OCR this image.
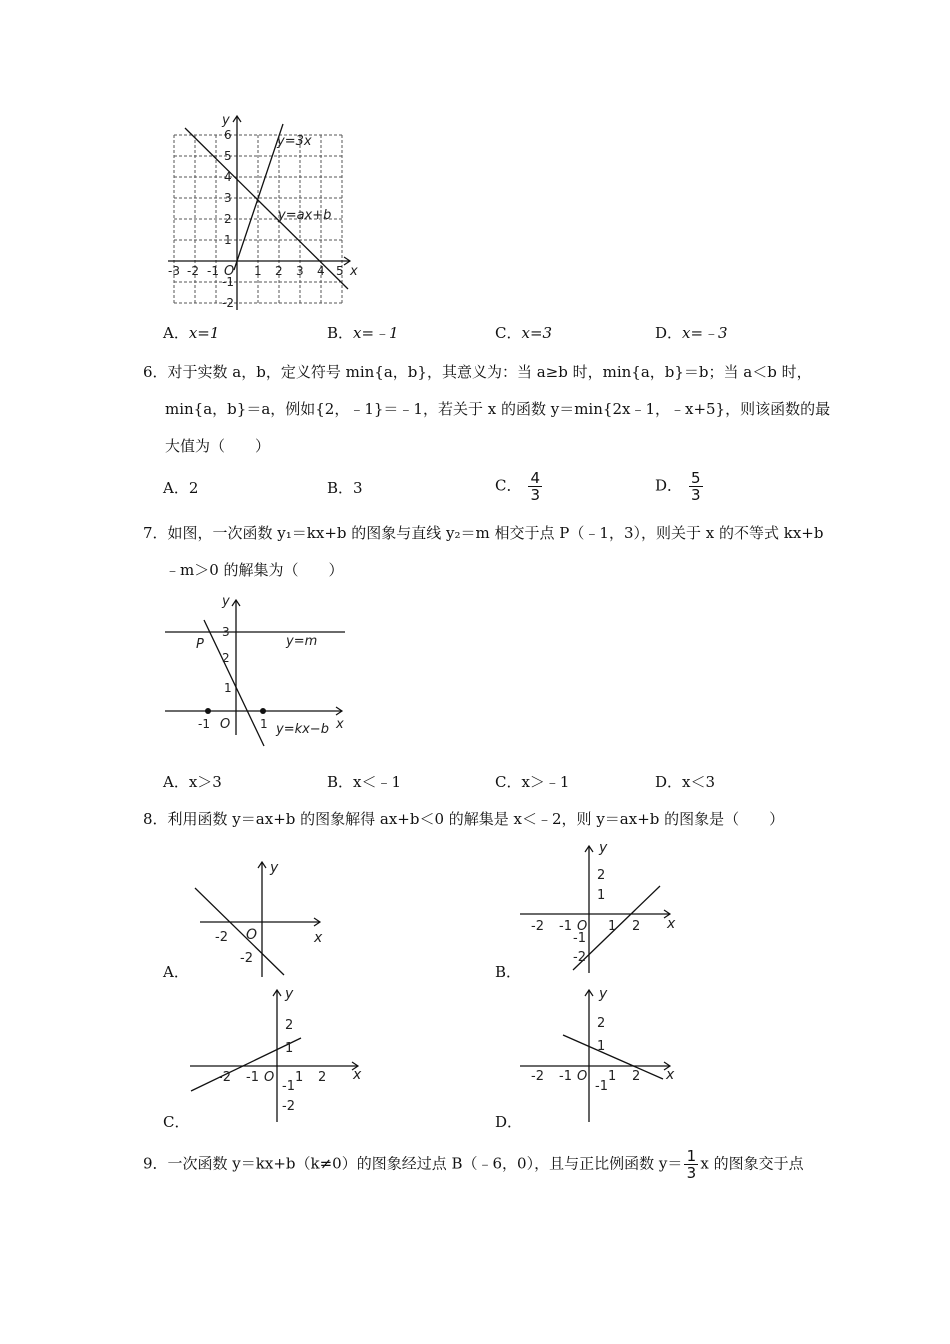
y
x
O
y=3x
y=ax+b
-3 -2 -1	1 2 3 4 5
1
2
3
4
5
6
-1
-2
A．x=1	B．x=﹣1	C．x=3	D．x=﹣3
6．对于实数 a，b，定义符号 min{a，b}，其意义为：当 a≥b 时，min{a，b}＝b；当 a＜b 时，
min{a，b}＝a，例如{2，﹣1}＝﹣1，若关于 x 的函数 y＝min{2x﹣1，﹣x+5}，则该函数的最
大值为（　　）
A．2	B．3	C． $\frac{4}{3}$	D． $\frac{5}{3}$
7．如图，一次函数 y₁＝kx+b 的图象与直线 y₂＝m 相交于点 P（﹣1，3），则关于 x 的不等式 kx+b
﹣m＞0 的解集为（　　）
y
x
O
P	y=m
y=kx−b
3
2
1
-1	1
A．x＞3	B．x＜﹣1	C．x＞﹣1	D．x＜3
8．利用函数 y＝ax+b 的图象解得 ax+b＜0 的解集是 x＜﹣2，则 y＝ax+b 的图象是（　　）
y
x
O
-2
-2
A．
y
x
2
1
-2 -1 O 1 2
-1
-2
B．
y
x
2
1
-2 -1 O 1 2
-1
-2
C．
y
x
2
1
-2 -1 O 1 2
-1
D．
9．一次函数 y＝kx+b（k≠0）的图象经过点 B（﹣6，0），且与正比例函数 $y= \frac{1}{3}$ x 的图象交于点
